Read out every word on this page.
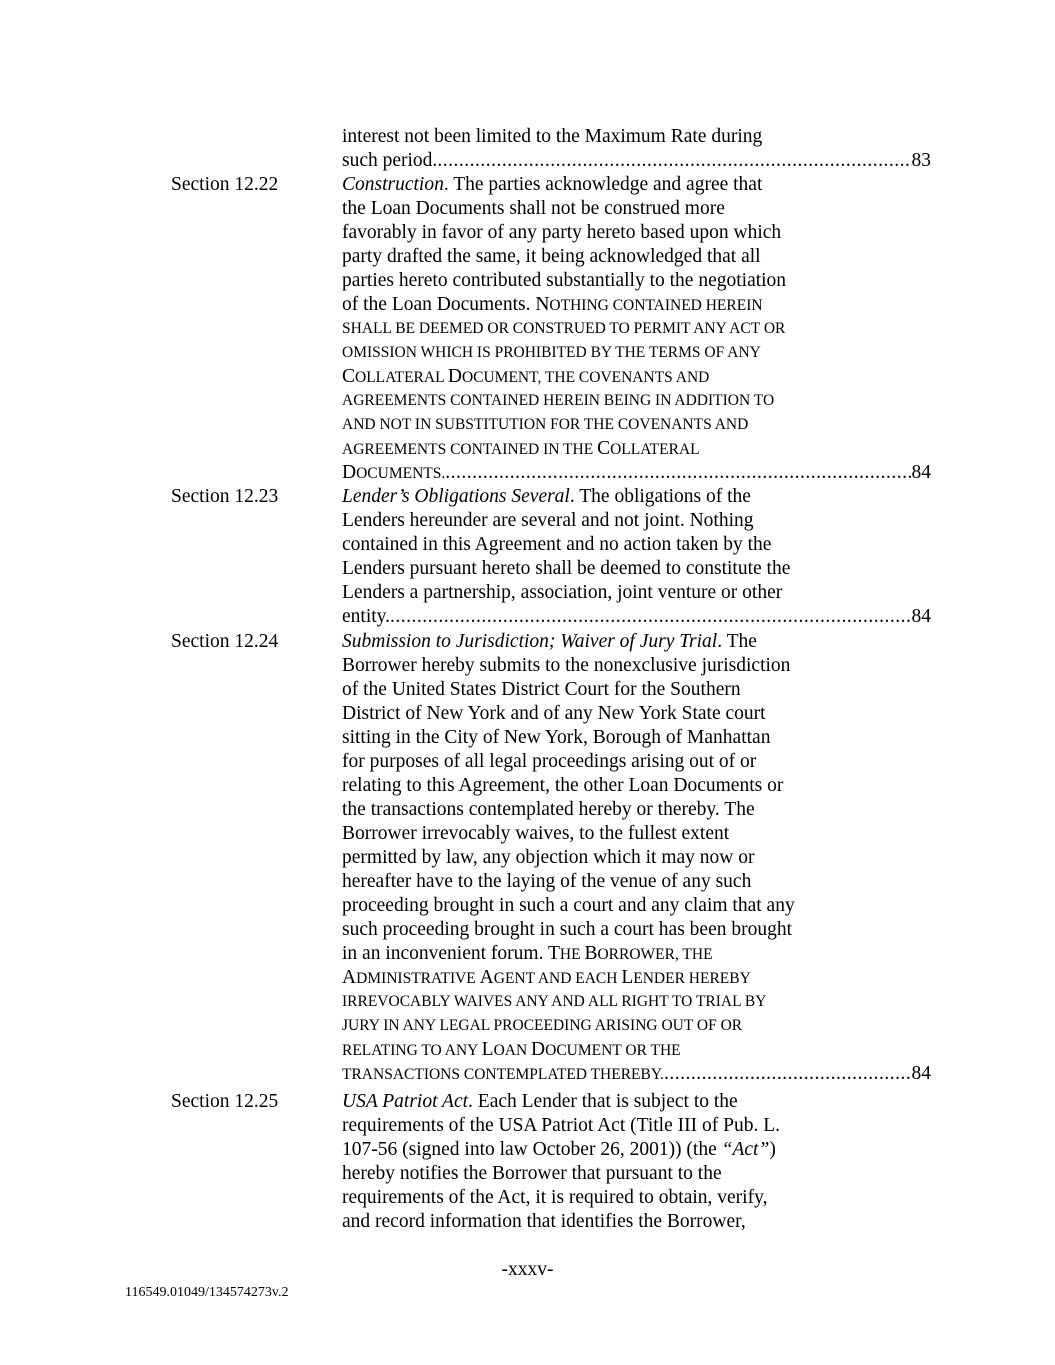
interest not been limited to the Maximum Rate during
such period. .....	83
Section 12.22	Construction. The parties acknowledge and agree that
the Loan Documents shall not be construed more
favorably in favor of any party hereto based upon which
party drafted the same, it being acknowledged that all
parties hereto contributed substantially to the negotiation
of the Loan Documents. NOTHING CONTAINED HEREIN
SHALL BE DEEMED OR CONSTRUED TO PERMIT ANY ACT OR
OMISSION WHICH IS PROHIBITED BY THE TERMS OF ANY
COLLATERAL DOCUMENT, THE COVENANTS AND
AGREEMENTS CONTAINED HEREIN BEING IN ADDITION TO
AND NOT IN SUBSTITUTION FOR THE COVENANTS AND
AGREEMENTS CONTAINED IN THE COLLATERAL
DOCUMENTS. .....	84
Section 12.23	Lender’s Obligations Several. The obligations of the
Lenders hereunder are several and not joint. Nothing
contained in this Agreement and no action taken by the
Lenders pursuant hereto shall be deemed to constitute the
Lenders a partnership, association, joint venture or other
entity. .....	84
Section 12.24	Submission to Jurisdiction; Waiver of Jury Trial. The
Borrower hereby submits to the nonexclusive jurisdiction
of the United States District Court for the Southern
District of New York and of any New York State court
sitting in the City of New York, Borough of Manhattan
for purposes of all legal proceedings arising out of or
relating to this Agreement, the other Loan Documents or
the transactions contemplated hereby or thereby. The
Borrower irrevocably waives, to the fullest extent
permitted by law, any objection which it may now or
hereafter have to the laying of the venue of any such
proceeding brought in such a court and any claim that any
such proceeding brought in such a court has been brought
in an inconvenient forum. THE BORROWER, THE
ADMINISTRATIVE AGENT AND EACH LENDER HEREBY
IRREVOCABLY WAIVES ANY AND ALL RIGHT TO TRIAL BY
JURY IN ANY LEGAL PROCEEDING ARISING OUT OF OR
RELATING TO ANY LOAN DOCUMENT OR THE
TRANSACTIONS CONTEMPLATED THEREBY. .....	84
Section 12.25	USA Patriot Act. Each Lender that is subject to the
requirements of the USA Patriot Act (Title III of Pub. L.
107-56 (signed into law October 26, 2001)) (the “Act”)
hereby notifies the Borrower that pursuant to the
requirements of the Act, it is required to obtain, verify,
and record information that identifies the Borrower,
-xxxv-
116549.01049/134574273v.2
